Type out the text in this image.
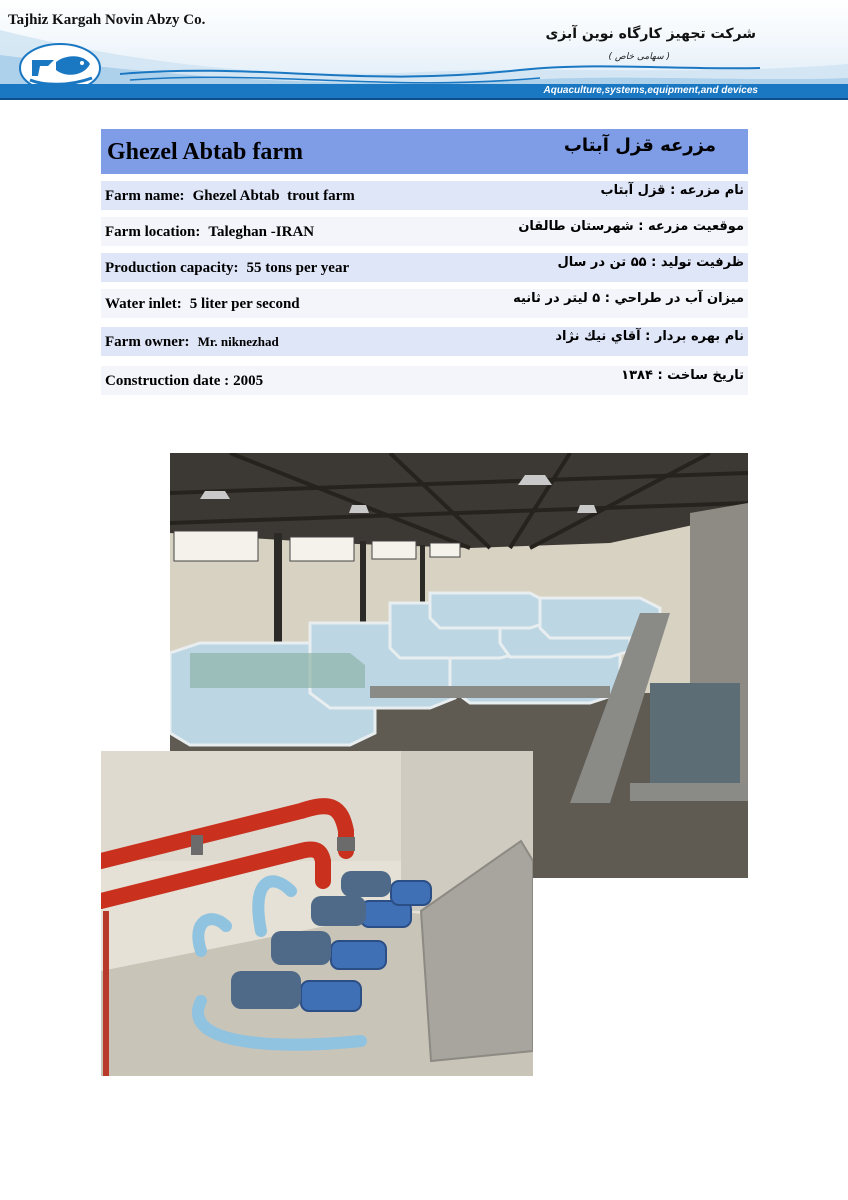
Tajhiz Kargah Novin Abzy Co.
شرکت تجهیز کارگاه نوین آبزی
( سهامی خاص )
Aquaculture,systems,equipment,and devices
Ghezel Abtab farm	مزرعه قزل آبتاب
Farm name: Ghezel Abtab  trout farm	نام مزرعه : قزل آبتاب
Farm location: Taleghan -IRAN	موقعیت مزرعه : شهرستان طالقان
Production capacity: 55 tons per year	ظرفیت تولید : ۵۵ تن در سال
Water inlet: 5 liter per second	ميزان آب در طراحي : ۵ ليتر در ثانيه
Farm owner: Mr. niknezhad	نام بهره بردار : آقاي نيك نژاد
Construction date : 2005	تاریخ ساخت : ۱۳۸۴
